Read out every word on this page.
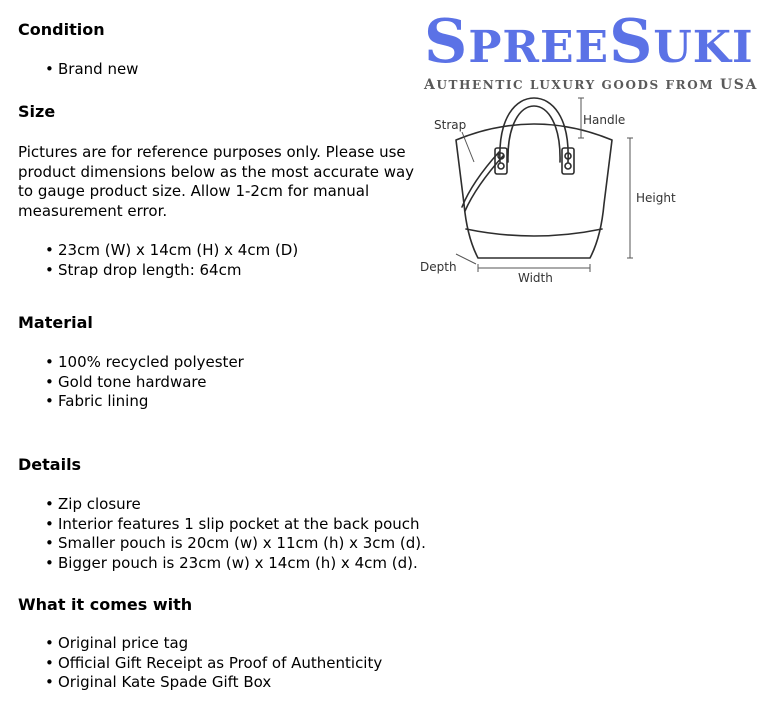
Condition
• Brand new
Size

Pictures are for reference purposes only. Please use product dimensions below as the most accurate way to gauge product size. Allow 1-2cm for manual measurement error.

• 23cm (W) x 14cm (H) x 4cm (D)
• Strap drop length: 64cm
Material
• 100% recycled polyester
• Gold tone hardware
• Fabric lining
Details
• Zip closure
• Interior features 1 slip pocket at the back pouch
• Smaller pouch is 20cm (w) x 11cm (h) x 3cm (d).
• Bigger pouch is 23cm (w) x 14cm (h) x 4cm (d).
What it comes with
• Original price tag
• Official Gift Receipt as Proof of Authenticity
• Original Kate Spade Gift Box
SPREESUKI
AUTHENTIC LUXURY GOODS FROM USA
Strap	Handle
Height
Depth
Width
